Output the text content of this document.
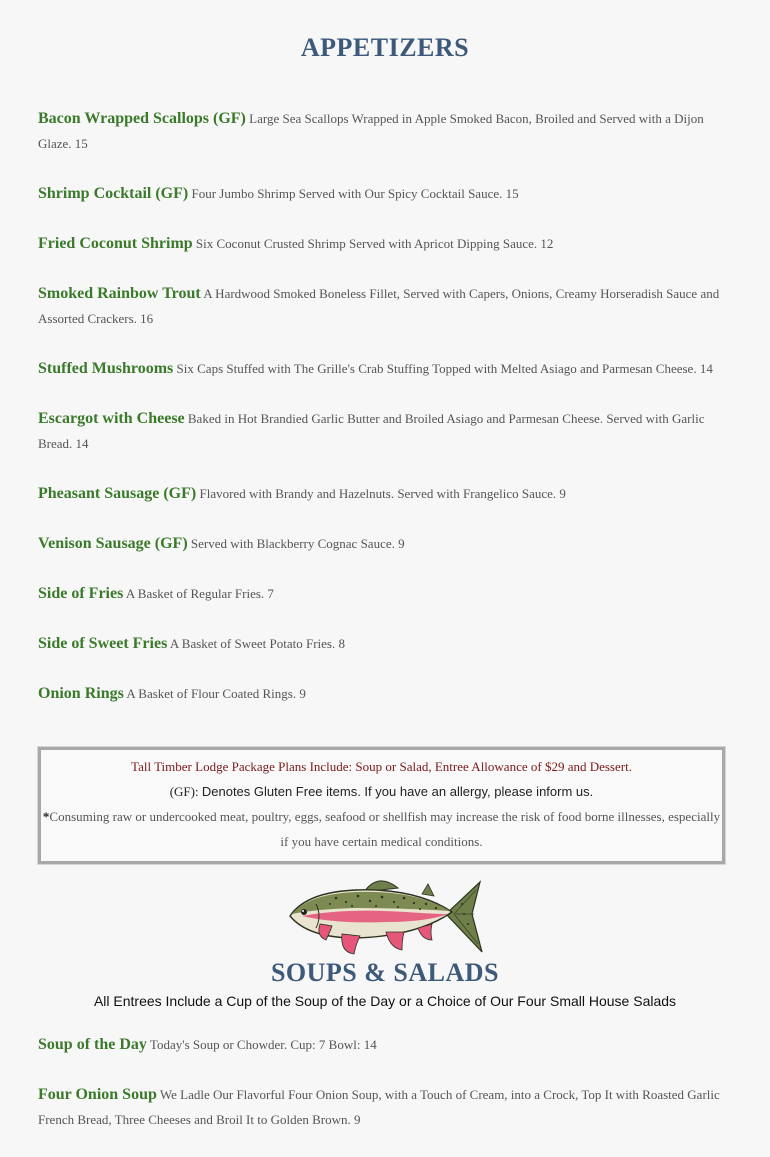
APPETIZERS

Bacon Wrapped Scallops (GF) Large Sea Scallops Wrapped in Apple Smoked Bacon, Broiled and Served with a Dijon Glaze. 15

Shrimp Cocktail (GF) Four Jumbo Shrimp Served with Our Spicy Cocktail Sauce. 15

Fried Coconut Shrimp Six Coconut Crusted Shrimp Served with Apricot Dipping Sauce. 12

Smoked Rainbow Trout A Hardwood Smoked Boneless Fillet, Served with Capers, Onions, Creamy Horseradish Sauce and Assorted Crackers. 16

Stuffed Mushrooms Six Caps Stuffed with The Grille's Crab Stuffing Topped with Melted Asiago and Parmesan Cheese. 14

Escargot with Cheese Baked in Hot Brandied Garlic Butter and Broiled Asiago and Parmesan Cheese. Served with Garlic Bread. 14

Pheasant Sausage (GF) Flavored with Brandy and Hazelnuts. Served with Frangelico Sauce. 9

Venison Sausage (GF) Served with Blackberry Cognac Sauce. 9

Side of Fries A Basket of Regular Fries. 7

Side of Sweet Fries A Basket of Sweet Potato Fries. 8

Onion Rings A Basket of Flour Coated Rings. 9

Tall Timber Lodge Package Plans Include: Soup or Salad, Entree Allowance of $29 and Dessert.
(GF): Denotes Gluten Free items. If you have an allergy, please inform us.
*Consuming raw or undercooked meat, poultry, eggs, seafood or shellfish may increase the risk of food borne illnesses, especially if you have certain medical conditions.
SOUPS & SALADS
All Entrees Include a Cup of the Soup of the Day or a Choice of Our Four Small House Salads

Soup of the Day Today's Soup or Chowder. Cup: 7 Bowl: 14

Four Onion Soup We Ladle Our Flavorful Four Onion Soup, with a Touch of Cream, into a Crock, Top It with Roasted Garlic French Bread, Three Cheeses and Broil It to Golden Brown. 9
